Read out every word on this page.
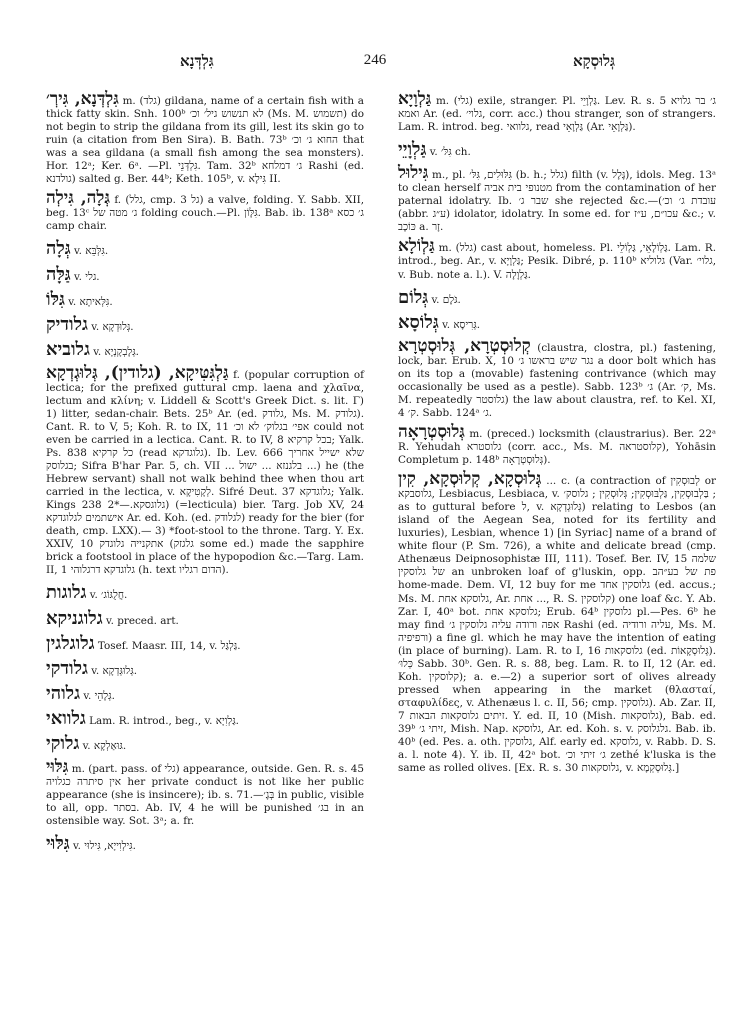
גִּלְדְּנָא	246	גְּלוּסְקָא
גִּלְדְּנָא, גִּירְ׳ m. (גלד) gildana, name of a certain fish with a thick fatty skin. Snh. 100ᵇ לא תנשוש גיל׳ וכ׳ (Ms. M. תשמוש) do not begin to strip the gildana from its gill, lest its skin go to ruin (a citation from Ben Sira). B. Bath. 73ᵇ החוא ג׳ וכ׳ that was a sea gildana (a small fish among the sea monsters). Hor. 12ᵃ; Ker. 6ᵃ. —Pl. גִּלְדְּנֵי. Tam. 32ᵇ ג׳ דמלחא Rashi (ed. גולדנא) salted g. Ber. 44ᵇ; Keth. 105ᵇ, v. גִּילָא II.
גְּלָה, גִּילְה f. (גלל, cmp. גל 3) a valve, folding. Y. Sabb. XII, beg. 13ᶜ ג׳ מטה של folding couch.—Pl. גִּלָּוֹן. Bab. ib. 138ᵃ ג׳ כסא camp chair.
גְּלָה v. גִּלְּבֵּא.
גַּלָּה v. גלי.
גִּלּוֹ v. גִּלְּאיתָא.
גלודיק v. גְּלוּדְקָא.
גלוביא v. גְּלָבְקָנְיָא.
גַּלְגִּטִּיקָא, (גלודין), גְּלוּגְדְקָא f. (popular corruption of lectica; for the prefixed guttural cmp. laena and χλαῖνα, lectum and κλίνη; v. Liddell & Scott's Greek Dict. s. lit. Γ) 1) litter, sedan-chair. Bets. 25ᵇ Ar. (ed. גלודק, Ms. M. גלודק). Cant. R. to V, 5; Koh. R. to IX, 11 אפי׳ בגלוק׳ לא וכ׳ could not even be carried in a lectica. Cant. R. to IV, 8 בכל קרקיא; Yalk. Ps. 838 כל קרקיא (read גלוגדקא). Ib. Lev. 666 שלא ישייל אחריך בגלוסק; Sifra B'har Par. 5, ch. VII ... בלגנזא ... ישול ...) he (the Hebrew servant) shall not walk behind thee when thou art carried in the lectica, v. לְקָטִיקָא. Sifré Deut. 37 גלוגדקא; Yalk. Kings 238 גלוגסקא.—*2) (=lecticula) bier. Targ. Job XV, 24 אישתמים לגלוגדקא Ar. ed. Koh. (ed. לגלודק) ready for the bier (for death, cmp. LXX).— 3) *foot-stool to the throne. Targ. Y. Ex. XXIV, 10 אתקנייה גלוגדק (גלגזק some ed.) made the sapphire brick a footstool in place of the hypopodion &c.—Targ. Lam. II, 1 גלוגדקא דרגלוהי (h. text הדום רגליו).
גלוגות v. חֲלֻגּוֹג׳.
גלוגניקא v. preced. art.
גלוגלגין Tosef. Maasr. III, 14, v. גַּלְגַּל.
גלודקי v. גְּלוּגְּדְקָא.
גלוהי v. גְּלָהֵי.
גלוואי Lam. R. introd., beg., v. גַּלְוִיָא.
גלוקי v. גּוּאַלְקָא.
גִּלּוּי m. (part. pass. of גלי) appearance, outside. Gen. R. s. 45 אין סיתרה כגלויה her private conduct is not like her public appearance (she is insincere); ib. s. 71.—בְּגָ׳ in public, visible to all, opp. בסתר. Ab. IV, 4 he will be punished בג׳ in an ostensible way. Sot. 3ᵃ; a. fr.
גִּלּוּי v. גִּילְוִייָא, גִּילוּי.
גַּלְוָיָא m. (גלי) exile, stranger. Pl. גַּלְוָיֵי. Lev. R. s. 5 ג׳ בר גלויא ואמא Ar. (ed. גלוי׳, corr. acc.) thou stranger, son of strangers. Lam. R. introd. beg. גלוואי, read גַּלְוָאֵי (Ar. גַּלְוָאֵי).
גַּלְוָיֵי v. גִּלּ׳ ch.
גִּילוּל m., pl. גִּלּוּלִים, גִּלּ׳ (b. h.; גלל) filth (v. גָּלָל), idols. Meg. 13ᵃ to clean herself מטנופי בית אביה from the contamination of her paternal idolatry. Ib. שבר ג׳ she rejected &c.—(עובדת ג׳ וכ׳ (abbr. ע״ג) idolator, idolatry. In some ed. for עכו״ם, ע״ז &c.; v. כּוֹכָב a. זָר.
גַּלְוֹלָא m. (גלל) cast about, homeless. Pl. גַּלְוֹלָאֵי, גַּלְוֹלֵי. Lam. R. introd., beg. Ar., v. גַּלְוָיָא; Pesik. Dibré, p. 110ᵇ גלוליא (Var. גלוי׳, v. Bub. note a. l.). V. גַּלְוָלָה.
גְּלוֹם v. גֹּלֶם.
גְּלוֹסָא v. גְּרִיסָא.
קְלוּסְטְרָא, גְּלוּסְטְרָא (claustra, clostra, pl.) fastening, lock, bar. Erub. X, 10 נגר שיש בראשו ג׳ a door bolt which has on its top a (movable) fastening contrivance (which may occasionally be used as a pestle). Sabb. 123ᵇ ג׳ (Ar. ק׳, Ms. M. repeatedly גלוסטר) the law about claustra, ref. to Kel. XI, 4 ק׳. Sabb. 124ᵃ ג׳.
גְּלוּסְטְרָאָה m. (preced.) locksmith (claustrarius). Ber. 22ᵃ R. Yehudah גלוסטרא (corr. acc., Ms. M. קלוסטראה), Yohāsin Completum p. 148ᵇ גְּלוּסְטְרָאָה).
גְּלוּסְקָא, קְלוּסְקָא, קִין ... c. (a contraction of לְבוּסְקִין or גלוסבקא, Lesbiacus, Lesbiaca, v. בַּלְבוּסְקִין, גַּלְבּוּסְקִין; גְּלוּסְקִין ; גלוסק׳ ; as to guttural before ל, v. גְּלוּגְדְקָא) relating to Lesbos (an island of the Aegean Sea, noted for its fertility and luxuries), Lesbian, whence 1) [in Syriac] name of a brand of white flour (P. Sm. 726), a white and delicate bread (cmp. Athenæus Deipnosophistæ III, 111). Tosef. Ber. IV, 15 שלמה של גלוסקין an unbroken loaf of g'luskin, opp. פת של בע״הב home-made. Dem. VI, 12 buy for me גלוסקין אחד (ed. accus.; Ms. M. גלוסקא אחת, Ar. אחת ..., R. S. קלוסקין) one loaf &c. Y. Ab. Zar. I, 40ᵃ bot. גלוסקא אחת; Erub. 64ᵇ גלוסקין pl.—Pes. 6ᵇ he may find אפה ורודה עליה גלוסקין ג׳ Rashi (ed. עליה ורודיה, Ms. M. ורפיפיה) a fine gl. which he may have the intention of eating (in place of burning). Lam. R. to I, 16 גלוסקאות (ed. גְּלוּסְקָאוֹת). כְּלוּ׳ Sabb. 30ᵇ. Gen. R. s. 88, beg. Lam. R. to II, 12 (Ar. ed. Koh. קלוסקין); a. e.—2) a superior sort of olives already pressed when appearing in the market (θλασταί, σταφυλίδες, v. Athenæus l. c. II, 56; cmp. גלוסקין). Ab. Zar. II, 7 זיתים גלוסקאות הבאות. Y. ed. II, 10 (Mish. גלוסקאות), Bab. ed. 39ᵇ זיתי ג׳, Mish. Nap. גלוסקא, Ar. ed. Koh. s. v. גלגלוסק. Bab. ib. 40ᵇ (ed. Pes. a. oth. גלוסקין, Alf. early ed. גלוסקא, v. Rabb. D. S. a. l. note 4). Y. ib. II, 42ᵃ bot. ג׳ זיתי וכ׳ zethé k'luska is the same as rolled olives. [Ex. R. s. 30 גלוסקאות, v. גְּלוּסְקְמָא.]
